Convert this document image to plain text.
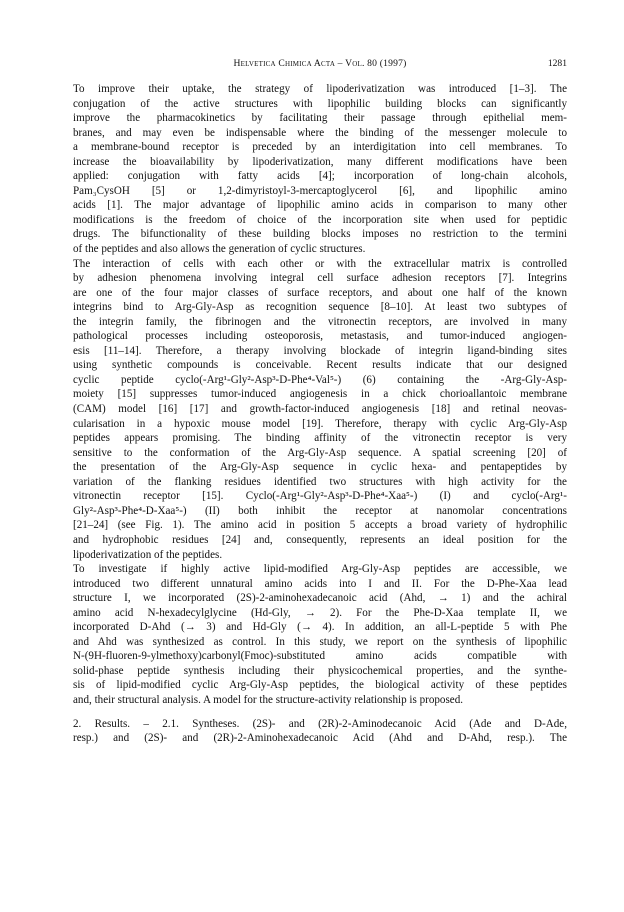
Helvetica Chimica Acta – Vol. 80 (1997)	1281
To improve their uptake, the strategy of lipoderivatization was introduced [1–3]. The
conjugation of the active structures with lipophilic building blocks can significantly
improve the pharmacokinetics by facilitating their passage through epithelial mem-
branes, and may even be indispensable where the binding of the messenger molecule to
a membrane-bound receptor is preceded by an interdigitation into cell membranes. To
increase the bioavailability by lipoderivatization, many different modifications have been
applied: conjugation with fatty acids [4]; incorporation of long-chain alcohols,
Pam₃CysOH [5] or 1,2-dimyristoyl-3-mercaptoglycerol [6], and lipophilic amino
acids [1]. The major advantage of lipophilic amino acids in comparison to many other
modifications is the freedom of choice of the incorporation site when used for peptidic
drugs. The bifunctionality of these building blocks imposes no restriction to the termini
of the peptides and also allows the generation of cyclic structures.
The interaction of cells with each other or with the extracellular matrix is controlled
by adhesion phenomena involving integral cell surface adhesion receptors [7]. Integrins
are one of the four major classes of surface receptors, and about one half of the known
integrins bind to Arg-Gly-Asp as recognition sequence [8–10]. At least two subtypes of
the integrin family, the fibrinogen and the vitronectin receptors, are involved in many
pathological processes including osteoporosis, metastasis, and tumor-induced angiogen-
esis [11–14]. Therefore, a therapy involving blockade of integrin ligand-binding sites
using synthetic compounds is conceivable. Recent results indicate that our designed
cyclic peptide cyclo(-Arg¹-Gly²-Asp³-D-Phe⁴-Val⁵-) (6) containing the -Arg-Gly-Asp-
moiety [15] suppresses tumor-induced angiogenesis in a chick chorioallantoic membrane
(CAM) model [16] [17] and growth-factor-induced angiogenesis [18] and retinal neovas-
cularisation in a hypoxic mouse model [19]. Therefore, therapy with cyclic Arg-Gly-Asp
peptides appears promising. The binding affinity of the vitronectin receptor is very
sensitive to the conformation of the Arg-Gly-Asp sequence. A spatial screening [20] of
the presentation of the Arg-Gly-Asp sequence in cyclic hexa- and pentapeptides by
variation of the flanking residues identified two structures with high activity for the
vitronectin receptor [15]. Cyclo(-Arg¹-Gly²-Asp³-D-Phe⁴-Xaa⁵-) (I) and cyclo(-Arg¹-
Gly²-Asp³-Phe⁴-D-Xaa⁵-) (II) both inhibit the receptor at nanomolar concentrations
[21–24] (see Fig. 1). The amino acid in position 5 accepts a broad variety of hydrophilic
and hydrophobic residues [24] and, consequently, represents an ideal position for the
lipoderivatization of the peptides.
To investigate if highly active lipid-modified Arg-Gly-Asp peptides are accessible, we
introduced two different unnatural amino acids into I and II. For the D-Phe-Xaa lead
structure I, we incorporated (2S)-2-aminohexadecanoic acid (Ahd, → 1) and the achiral
amino acid N-hexadecylglycine (Hd-Gly, → 2). For the Phe-D-Xaa template II, we
incorporated D-Ahd (→ 3) and Hd-Gly (→ 4). In addition, an all-L-peptide 5 with Phe
and Ahd was synthesized as control. In this study, we report on the synthesis of lipophilic
N-(9H-fluoren-9-ylmethoxy)carbonyl(Fmoc)-substituted amino acids compatible with
solid-phase peptide synthesis including their physicochemical properties, and the synthe-
sis of lipid-modified cyclic Arg-Gly-Asp peptides, the biological activity of these peptides
and, their structural analysis. A model for the structure-activity relationship is proposed.
2. Results. – 2.1. Syntheses. (2S)- and (2R)-2-Aminodecanoic Acid (Ade and D-Ade,
resp.) and (2S)- and (2R)-2-Aminohexadecanoic Acid (Ahd and D-Ahd, resp.). The
